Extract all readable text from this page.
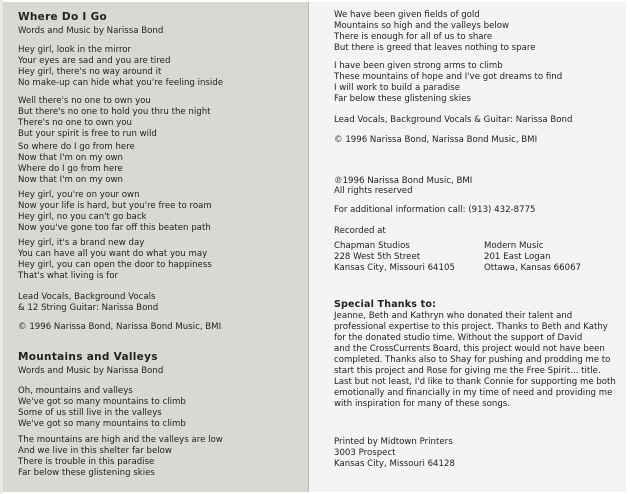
Where Do I Go
Words and Music by Narissa Bond
Hey girl, look in the mirror
Your eyes are sad and you are tired
Hey girl, there's no way around it
No make-up can hide what you're feeling inside
Well there's no one to own you
But there's no one to hold you thru the night
There's no one to own you
But your spirit is free to run wild
So where do I go from here
Now that I'm on my own
Where do I go from here
Now that I'm on my own
Hey girl, you're on your own
Now your life is hard, but you're free to roam
Hey girl, no you can't go back
Now you've gone too far off this beaten path
Hey girl, it's a brand new day
You can have all you want do what you may
Hey girl, you can open the door to happiness
That's what living is for
Lead Vocals, Background Vocals
& 12 String Guitar: Narissa Bond
© 1996 Narissa Bond, Narissa Bond Music, BMI
Mountains and Valleys
Words and Music by Narissa Bond
Oh, mountains and valleys
We've got so many mountains to climb
Some of us still live in the valleys
We've got so many mountains to climb
The mountains are high and the valleys are low
And we live in this shelter far below
There is trouble in this paradise
Far below these glistening skies
We have been given fields of gold
Mountains so high and the valleys below
There is enough for all of us to share
But there is greed that leaves nothing to spare
I have been given strong arms to climb
These mountains of hope and I've got dreams to find
I will work to build a paradise
Far below these glistening skies
Lead Vocals, Background Vocals & Guitar: Narissa Bond
© 1996 Narissa Bond, Narissa Bond Music, BMI
℗1996 Narissa Bond Music, BMI
All rights reserved
For additional information call: (913) 432-8775
Recorded at
Chapman Studios
228 West 5th Street
Kansas City, Missouri 64105
Modern Music
201 East Logan
Ottawa, Kansas 66067
Special Thanks to:
Jeanne, Beth and Kathryn who donated their talent and
professional expertise to this project. Thanks to Beth and Kathy
for the donated studio time. Without the support of David
and the CrossCurrents Board, this project would not have been
completed. Thanks also to Shay for pushing and prodding me to
start this project and Rose for giving me the Free Spirit... title.
Last but not least, I'd like to thank Connie for supporting me both
emotionally and financially in my time of need and providing me
with inspiration for many of these songs.
Printed by Midtown Printers
3003 Prospect
Kansas City, Missouri 64128
